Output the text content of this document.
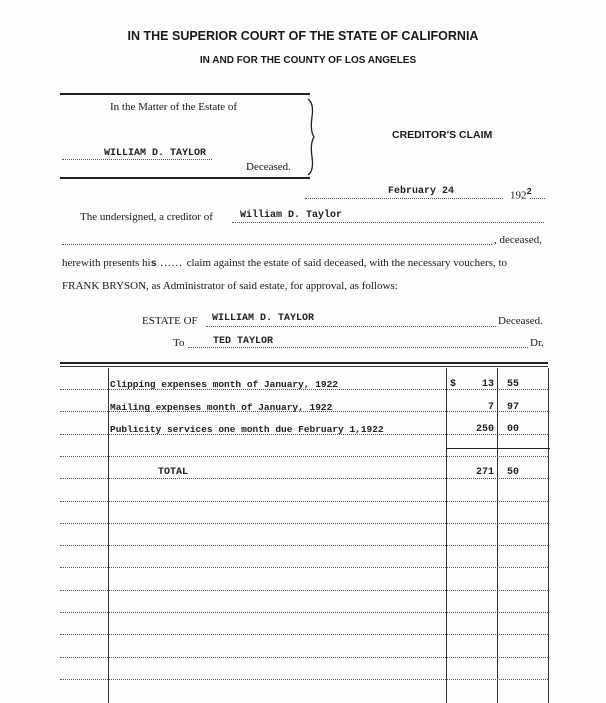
IN THE SUPERIOR COURT OF THE STATE OF CALIFORNIA
IN AND FOR THE COUNTY OF LOS ANGELES
In the Matter of the Estate of
WILLIAM D. TAYLOR
Deceased.
CREDITOR'S CLAIM
February 24	$192^2$
The undersigned, a creditor of	William D. Taylor
, deceased,
herewith presents his ...... claim against the estate of said deceased, with the necessary vouchers, to
FRANK BRYSON, as Administrator of said estate, for approval, as follows:
ESTATE OF WILLIAM D. TAYLOR	Deceased.
To	TED TAYLOR	Dr.
Clipping expenses month of January, 1922	$	13 55
Mailing expenses month of January, 1922	7 97
Publicity services one month due February 1,1922	250 00
TOTAL	271 50
